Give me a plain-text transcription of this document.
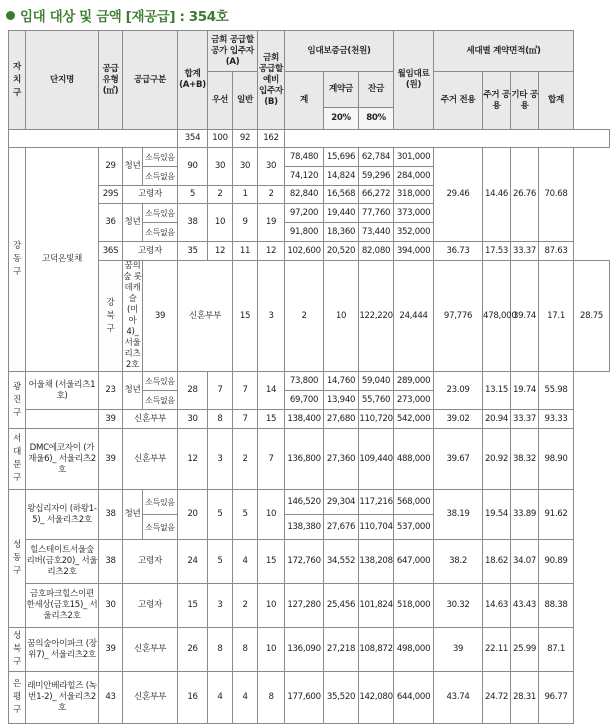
임대 대상 및 금액 [재공급] : 354호
자치구	단지명	공급 유형 (㎡)	공급구분		합계 (A+B)	금회 공급할 공가 입주자(A)		금회 공급할 예비 입주자 (B)	임대보증금(천원)			월임대료 (원)	세대별 계약면적(㎡)					
						우선	일반		계	계약금	잔금		주거 전용	주거 공용	기타 공용	합계		
										20%	80%							
					354	100	92	162										
강동구	고덕온빛채	29	청년	소득있음	90	30	30	30	78,480	15,696	62,784	301,000	29.46	14.46	26.76	70.68		
				소득없음					74,120	14,824	59,296	284,000						
		29S	고령자		5	2	1	2	82,840	16,568	66,272	318,000						
		36	청년	소득있음	38	10	9	19	97,200	19,440	77,760	373,000						
				소득없음					91,800	18,360	73,440	352,000						
		36S	고령자		35	12	11	12	102,600	20,520	82,080	394,000	36.73	17.53	33.37	87.63		
		강북구	꿈의숲 롯데캐슬 (미아4)_ 서울리츠2호	39	신혼부부		15	3	2	10	122,220	24,444	97,776	478,000	39.74	17.1	28.75	
광진구	어울채 (서울리츠1호)	23	청년	소득있음	28	7	7	14	73,800	14,760	59,040	289,000	23.09	13.15	19.74	55.98		
				소득없음					69,700	13,940	55,760	273,000						
		39	신혼부부		30	8	7	15	138,400	27,680	110,720	542,000	39.02	20.94	33.37	93.33		
서대문구	DMC에코자이 (가재울6)_ 서울리츠2호	39	신혼부부		12	3	2	7	136,800	27,360	109,440	488,000	39.67	20.92	38.32	98.90		
성동구	왕십리자이 (하왕1-5)_ 서울리츠2호	38	청년	소득있음	20	5	5	10	146,520	29,304	117,216	568,000	38.19	19.54	33.89	91.62		
				소득없음					138,380	27,676	110,704	537,000						
	힐스테이트서울숲 리버(금호20)_ 서울리츠2호	38	고령자		24	5	4	15	172,760	34,552	138,208	647,000	38.2	18.62	34.07	90.89		
	금호파크힐스이편 한세상(금호15)_ 서울리츠2호	30	고령자		15	3	2	10	127,280	25,456	101,824	518,000	30.32	14.63	43.43	88.38		
성북구	꿈의숲아이파크 (장위7)_ 서울리츠2호	39	신혼부부		26	8	8	10	136,090	27,218	108,872	498,000	39	22.11	25.99	87.1		
은평구	래미안베라힐즈 (녹번1-2)_ 서울리츠2호	43	신혼부부		16	4	4	8	177,600	35,520	142,080	644,000	43.74	24.72	28.31	96.77		
